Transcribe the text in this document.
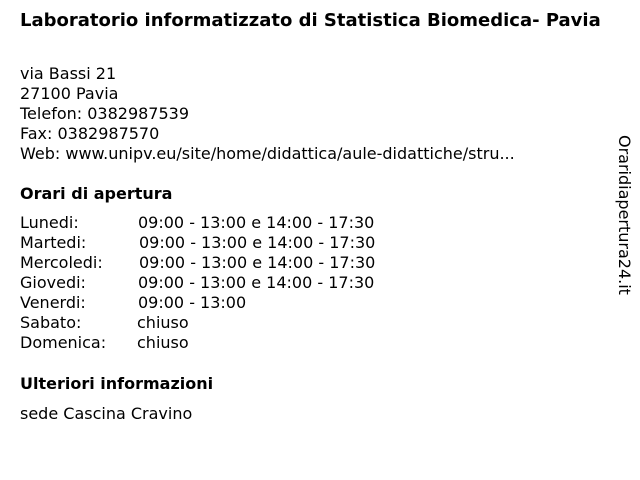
Laboratorio informatizzato di Statistica Biomedica- Pavia

via Bassi 21

27100 Pavia

Telefon: 0382987539

Fax: 0382987570

Web: www.unipv.eu/site/home/didattica/aule-didattiche/stru...

Orari di apertura
Lunedi:	09:00 - 13:00 e 14:00 - 17:30
Martedi:	09:00 - 13:00 e 14:00 - 17:30
Mercoledi: 09:00 - 13:00 e 14:00 - 17:30
Giovedi:	09:00 - 13:00 e 14:00 - 17:30
Venerdi:	09:00 - 13:00
Sabato:	chiuso
Domenica: chiuso
Ulteriori informazioni

sede Cascina Cravino

Oraridiapertura24.it
